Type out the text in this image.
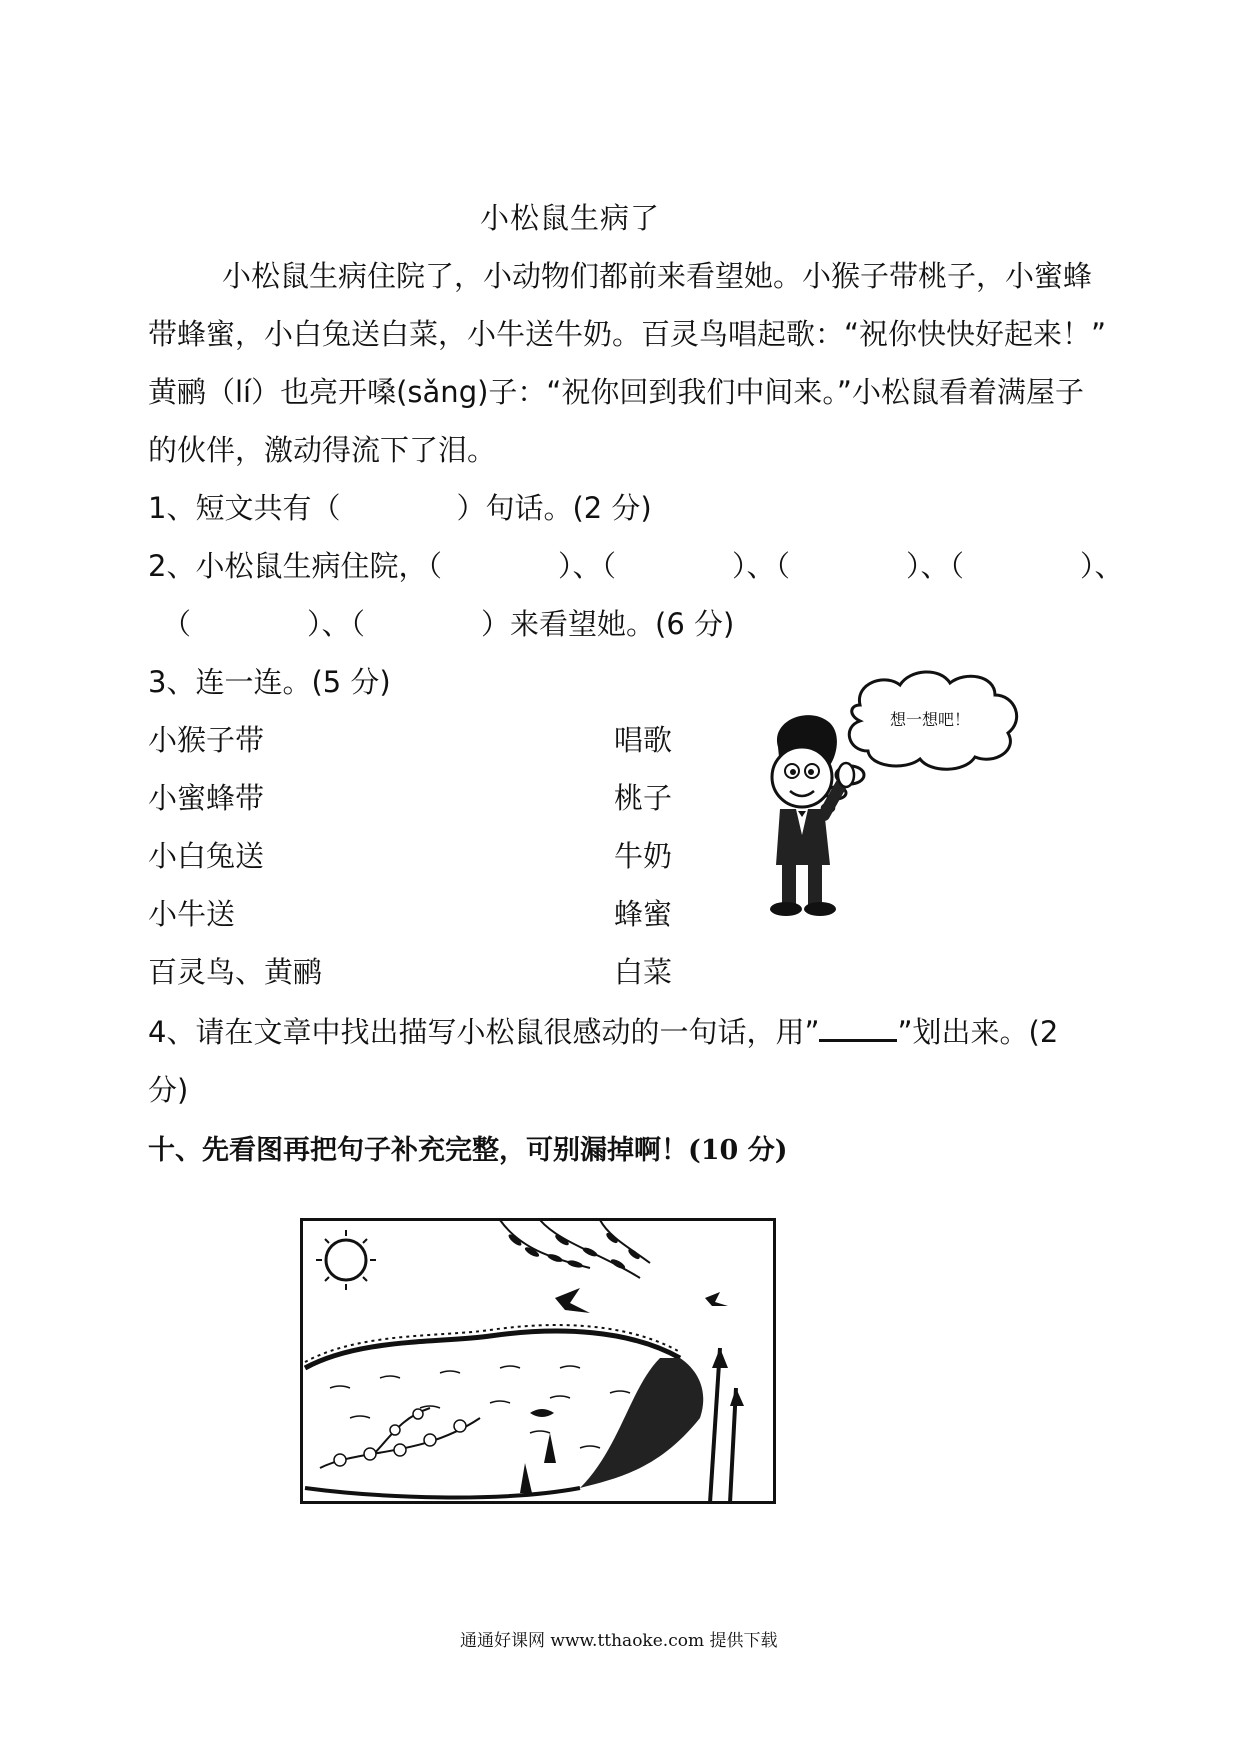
小松鼠生病了
小松鼠生病住院了，小动物们都前来看望她。小猴子带桃子，小蜜蜂
带蜂蜜，小白兔送白菜，小牛送牛奶。百灵鸟唱起歌：“祝你快快好起来！”
黄鹂（lí）也亮开嗓(sǎng)子：“祝你回到我们中间来。”小松鼠看着满屋子
的伙伴，激动得流下了泪。
1、短文共有（　　　　）句话。(2 分)
2、小松鼠生病住院，（　　　　）、（　　　　）、（　　　　）、（　　　　）、
（　　　　）、（　　　　）来看望她。(6 分)
3、连一连。(5 分)
小猴子带
小蜜蜂带
小白兔送
小牛送
百灵鸟、黄鹂
唱歌
桃子
牛奶
蜂蜜
白菜
想一想吧！
4、请在文章中找出描写小松鼠很感动的一句话，用”	”划出来。(2
分)
十、先看图再把句子补充完整，可别漏掉啊！(10 分)
通通好课网 www.tthaoke.com 提供下载
